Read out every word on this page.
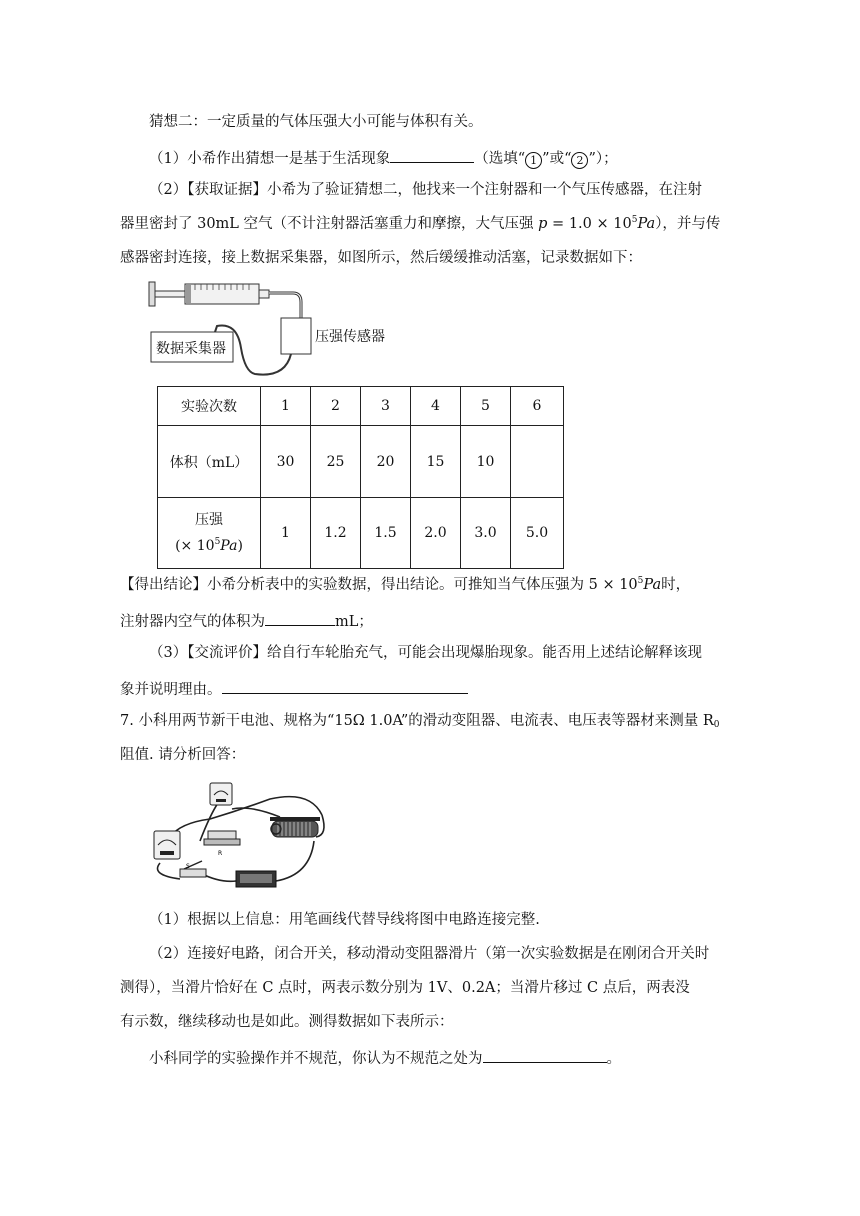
猜想二：一定质量的气体压强大小可能与体积有关。
（1）小希作出猜想一是基于生活现象	（选填“ 1 ”或“ 2 ”）；
（2）【获取证据】小希为了验证猜想二，他找来一个注射器和一个气压传感器，在注射
器里密封了 30mL 空气（不计注射器活塞重力和摩擦，大气压强 $p = 1.0 \times 10^5Pa$），并与传
感器密封连接，接上数据采集器，如图所示，然后缓缓推动活塞，记录数据如下：
数据采集器
压强传感器
实验次数	1	2	3	4	5	6
体积（mL）	30	25	20	15	10	

压强
(× $10^5Pa$)	1	1.2	1.5	2.0	3.0	5.0
【得出结论】小希分析表中的实验数据，得出结论。可推知当气体压强为 $5 \times 10^5Pa$时，
注射器内空气的体积为	mL；
（3）【交流评价】给自行车轮胎充气，可能会出现爆胎现象。能否用上述结论解释该现
象并说明理由。
7. 小科用两节新干电池、规格为“15Ω 1.0A”的滑动变阻器、电流表、电压表等器材来测量 $R_0$
阻值. 请分析回答：
R
S
（1）根据以上信息：用笔画线代替导线将图中电路连接完整.
（2）连接好电路，闭合开关，移动滑动变阻器滑片（第一次实验数据是在刚闭合开关时
测得），当滑片恰好在 C 点时，两表示数分别为 1V、0.2A；当滑片移过 C 点后，两表没
有示数，继续移动也是如此。测得数据如下表所示：
小科同学的实验操作并不规范，你认为不规范之处为	。
